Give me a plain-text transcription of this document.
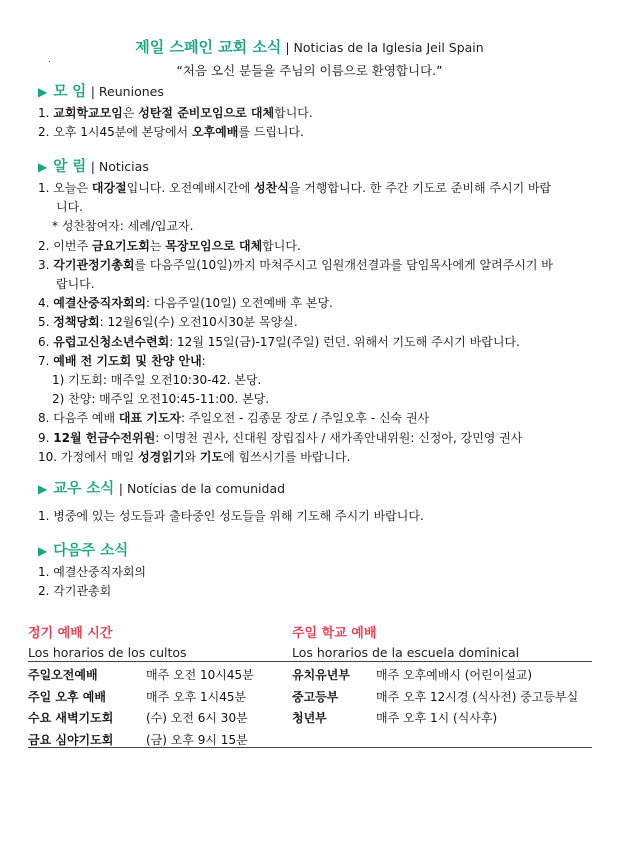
제일 스페인 교회 소식 | Noticias de la Iglesia Jeil Spain
.
“처음 오신 분들을 주님의 이름으로 환영합니다.”
▶ 모 임 | Reuniones
1. 교회학교모임은 성탄절 준비모임으로 대체합니다.
2. 오후 1시45분에 본당에서 오후예배를 드립니다.
▶ 알 림 | Noticias
1. 오늘은 대강절입니다. 오전예배시간에 성찬식을 거행합니다. 한 주간 기도로 준비해 주시기 바랍
니다.
* 성찬참여자: 세례/입교자.
2. 이번주 금요기도회는 목장모임으로 대체합니다.
3. 각기관정기총회를 다음주일(10일)까지 마쳐주시고 임원개선결과를 담임목사에게 알려주시기 바
랍니다.
4. 예결산중직자회의: 다음주일(10일) 오전예배 후 본당.
5. 정책당회: 12월6일(수) 오전10시30분 목양실.
6. 유럽고신청소년수련회: 12월 15일(금)-17일(주일) 런던. 위해서 기도해 주시기 바랍니다.
7. 예배 전 기도회 및 찬양 안내:
1) 기도회: 매주일 오전10:30-42. 본당.
2) 찬양: 매주일 오전10:45-11:00. 본당.
8. 다음주 예배 대표 기도자: 주일오전 - 김종문 장로 / 주일오후 - 신숙 권사
9. 12월 헌금수전위원: 이명천 권사, 신대원 장립집사 / 새가족안내위원: 신정아, 강민영 권사
10. 가정에서 매일 성경읽기와 기도에 힘쓰시기를 바랍니다.
▶ 교우 소식 | Notícias de la comunidad
1. 병중에 있는 성도들과 출타중인 성도들을 위해 기도해 주시기 바랍니다.
▶ 다음주 소식
1. 예결산중직자회의
2. 각기관총회
정기 예배 시간
Los horarios de los cultos
주일 학교 예배
Los horarios de la escuela dominical
주일오전예배	매주 오전 10시45분
주일 오후 예배	매주 오후 1시45분
수요 새벽기도회	(수) 오전 6시 30분
금요 심야기도회	(금) 오후 9시 15분
유치유년부 매주 오후예배시 (어린이설교)
중고등부	매주 오후 12시경 (식사전) 중고등부실
청년부	매주 오후 1시 (식사후)
